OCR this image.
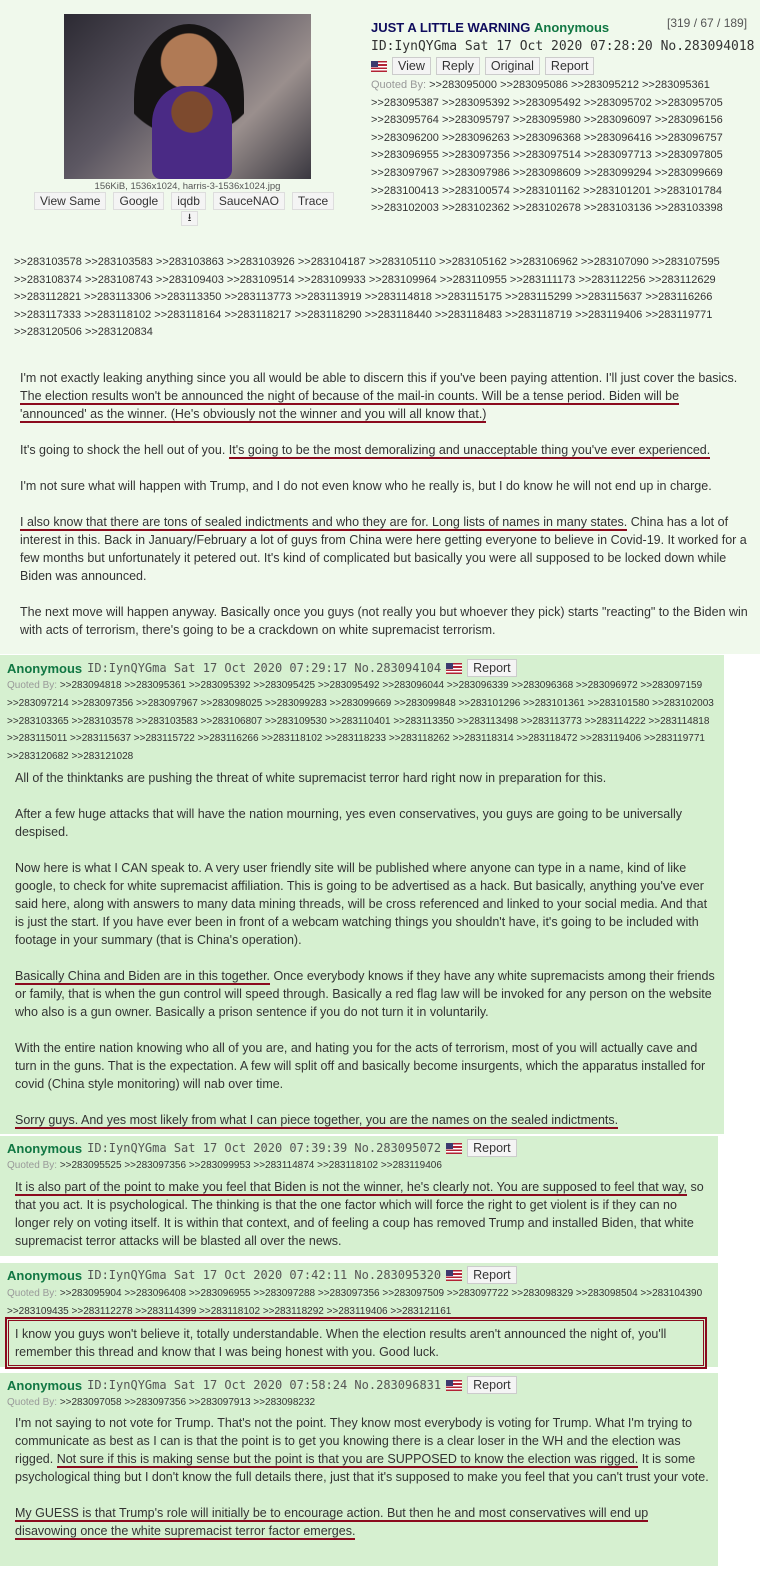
156KiB, 1536x1024, harris-3-1536x1024.jpg
View Same	Google	iqdb	SauceNAO	Trace
⭳
JUST A LITTLE WARNING Anonymous	[319 / 67 / 189]
ID:IynQYGma Sat 17 Oct 2020 07:28:20 No.283094018
View	Reply	Original	Report
Quoted By: >>283095000 >>283095086 >>283095212 >>283095361 >>283095387 >>283095392 >>283095492 >>283095702 >>283095705 >>283095764 >>283095797 >>283095980 >>283096097 >>283096156 >>283096200 >>283096263 >>283096368 >>283096416 >>283096757 >>283096955 >>283097356 >>283097514 >>283097713 >>283097805 >>283097967 >>283097986 >>283098609 >>283099294 >>283099669 >>283100413 >>283100574 >>283101162 >>283101201 >>283101784 >>283102003 >>283102362 >>283102678 >>283103136 >>283103398
>>283103578 >>283103583 >>283103863 >>283103926 >>283104187 >>283105110 >>283105162 >>283106962 >>283107090 >>283107595 >>283108374 >>283108743 >>283109403 >>283109514 >>283109933 >>283109964 >>283110955 >>283111173 >>283112256 >>283112629 >>283112821 >>283113306 >>283113350 >>283113773 >>283113919 >>283114818 >>283115175 >>283115299 >>283115637 >>283116266 >>283117333 >>283118102 >>283118164 >>283118217 >>283118290 >>283118440 >>283118483 >>283118719 >>283119406 >>283119771 >>283120506 >>283120834

I'm not exactly leaking anything since you all would be able to discern this if you've been paying attention. I'll just cover the basics. The election results won't be announced the night of because of the mail-in counts. Will be a tense period. Biden will be 'announced' as the winner. (He's obviously not the winner and you will all know that.)

It's going to shock the hell out of you. It's going to be the most demoralizing and unacceptable thing you've ever experienced.

I'm not sure what will happen with Trump, and I do not even know who he really is, but I do know he will not end up in charge.

I also know that there are tons of sealed indictments and who they are for. Long lists of names in many states. China has a lot of interest in this. Back in January/February a lot of guys from China were here getting everyone to believe in Covid-19. It worked for a few months but unfortunately it petered out. It's kind of complicated but basically you were all supposed to be locked down while Biden was announced.

The next move will happen anyway. Basically once you guys (not really you but whoever they pick) starts "reacting" to the Biden win with acts of terrorism, there's going to be a crackdown on white supremacist terrorism.

Anonymous ID:IynQYGma Sat 17 Oct 2020 07:29:17 No.283094104	Report
Quoted By: >>283094818 >>283095361 >>283095392 >>283095425 >>283095492 >>283096044 >>283096339 >>283096368 >>283096972 >>283097159 >>283097214 >>283097356 >>283097967 >>283098025 >>283099283 >>283099669 >>283099848 >>283101296 >>283101361 >>283101580 >>283102003 >>283103365 >>283103578 >>283103583 >>283106807 >>283109530 >>283110401 >>283113350 >>283113498 >>283113773 >>283114222 >>283114818 >>283115011 >>283115637 >>283115722 >>283116266 >>283118102 >>283118233 >>283118262 >>283118314 >>283118472 >>283119406 >>283119771 >>283120682 >>283121028

All of the thinktanks are pushing the threat of white supremacist terror hard right now in preparation for this.

After a few huge attacks that will have the nation mourning, yes even conservatives, you guys are going to be universally despised.

Now here is what I CAN speak to. A very user friendly site will be published where anyone can type in a name, kind of like google, to check for white supremacist affiliation. This is going to be advertised as a hack. But basically, anything you've ever said here, along with answers to many data mining threads, will be cross referenced and linked to your social media. And that is just the start. If you have ever been in front of a webcam watching things you shouldn't have, it's going to be included with footage in your summary (that is China's operation).

Basically China and Biden are in this together. Once everybody knows if they have any white supremacists among their friends or family, that is when the gun control will speed through. Basically a red flag law will be invoked for any person on the website who also is a gun owner. Basically a prison sentence if you do not turn it in voluntarily.

With the entire nation knowing who all of you are, and hating you for the acts of terrorism, most of you will actually cave and turn in the guns. That is the expectation. A few will split off and basically become insurgents, which the apparatus installed for covid (China style monitoring) will nab over time.

Sorry guys. And yes most likely from what I can piece together, you are the names on the sealed indictments.

Anonymous ID:IynQYGma Sat 17 Oct 2020 07:39:39 No.283095072	Report
Quoted By: >>283095525 >>283097356 >>283099953 >>283114874 >>283118102 >>283119406

It is also part of the point to make you feel that Biden is not the winner, he's clearly not. You are supposed to feel that way, so that you act. It is psychological. The thinking is that the one factor which will force the right to get violent is if they can no longer rely on voting itself. It is within that context, and of feeling a coup has removed Trump and installed Biden, that white supremacist terror attacks will be blasted all over the news.

Anonymous ID:IynQYGma Sat 17 Oct 2020 07:42:11 No.283095320	Report
Quoted By: >>283095904 >>283096408 >>283096955 >>283097288 >>283097356 >>283097509 >>283097722 >>283098329 >>283098504 >>283104390 >>283109435 >>283112278 >>283114399 >>283118102 >>283118292 >>283119406 >>283121161
I know you guys won't believe it, totally understandable. When the election results aren't announced the night of, you'll remember this thread and know that I was being honest with you. Good luck.
Anonymous ID:IynQYGma Sat 17 Oct 2020 07:58:24 No.283096831	Report
Quoted By: >>283097058 >>283097356 >>283097913 >>283098232

I'm not saying to not vote for Trump. That's not the point. They know most everybody is voting for Trump. What I'm trying to communicate as best as I can is that the point is to get you knowing there is a clear loser in the WH and the election was rigged. Not sure if this is making sense but the point is that you are SUPPOSED to know the election was rigged. It is some psychological thing but I don't know the full details there, just that it's supposed to make you feel that you can't trust your vote.

My GUESS is that Trump's role will initially be to encourage action. But then he and most conservatives will end up disavowing once the white supremacist terror factor emerges.
